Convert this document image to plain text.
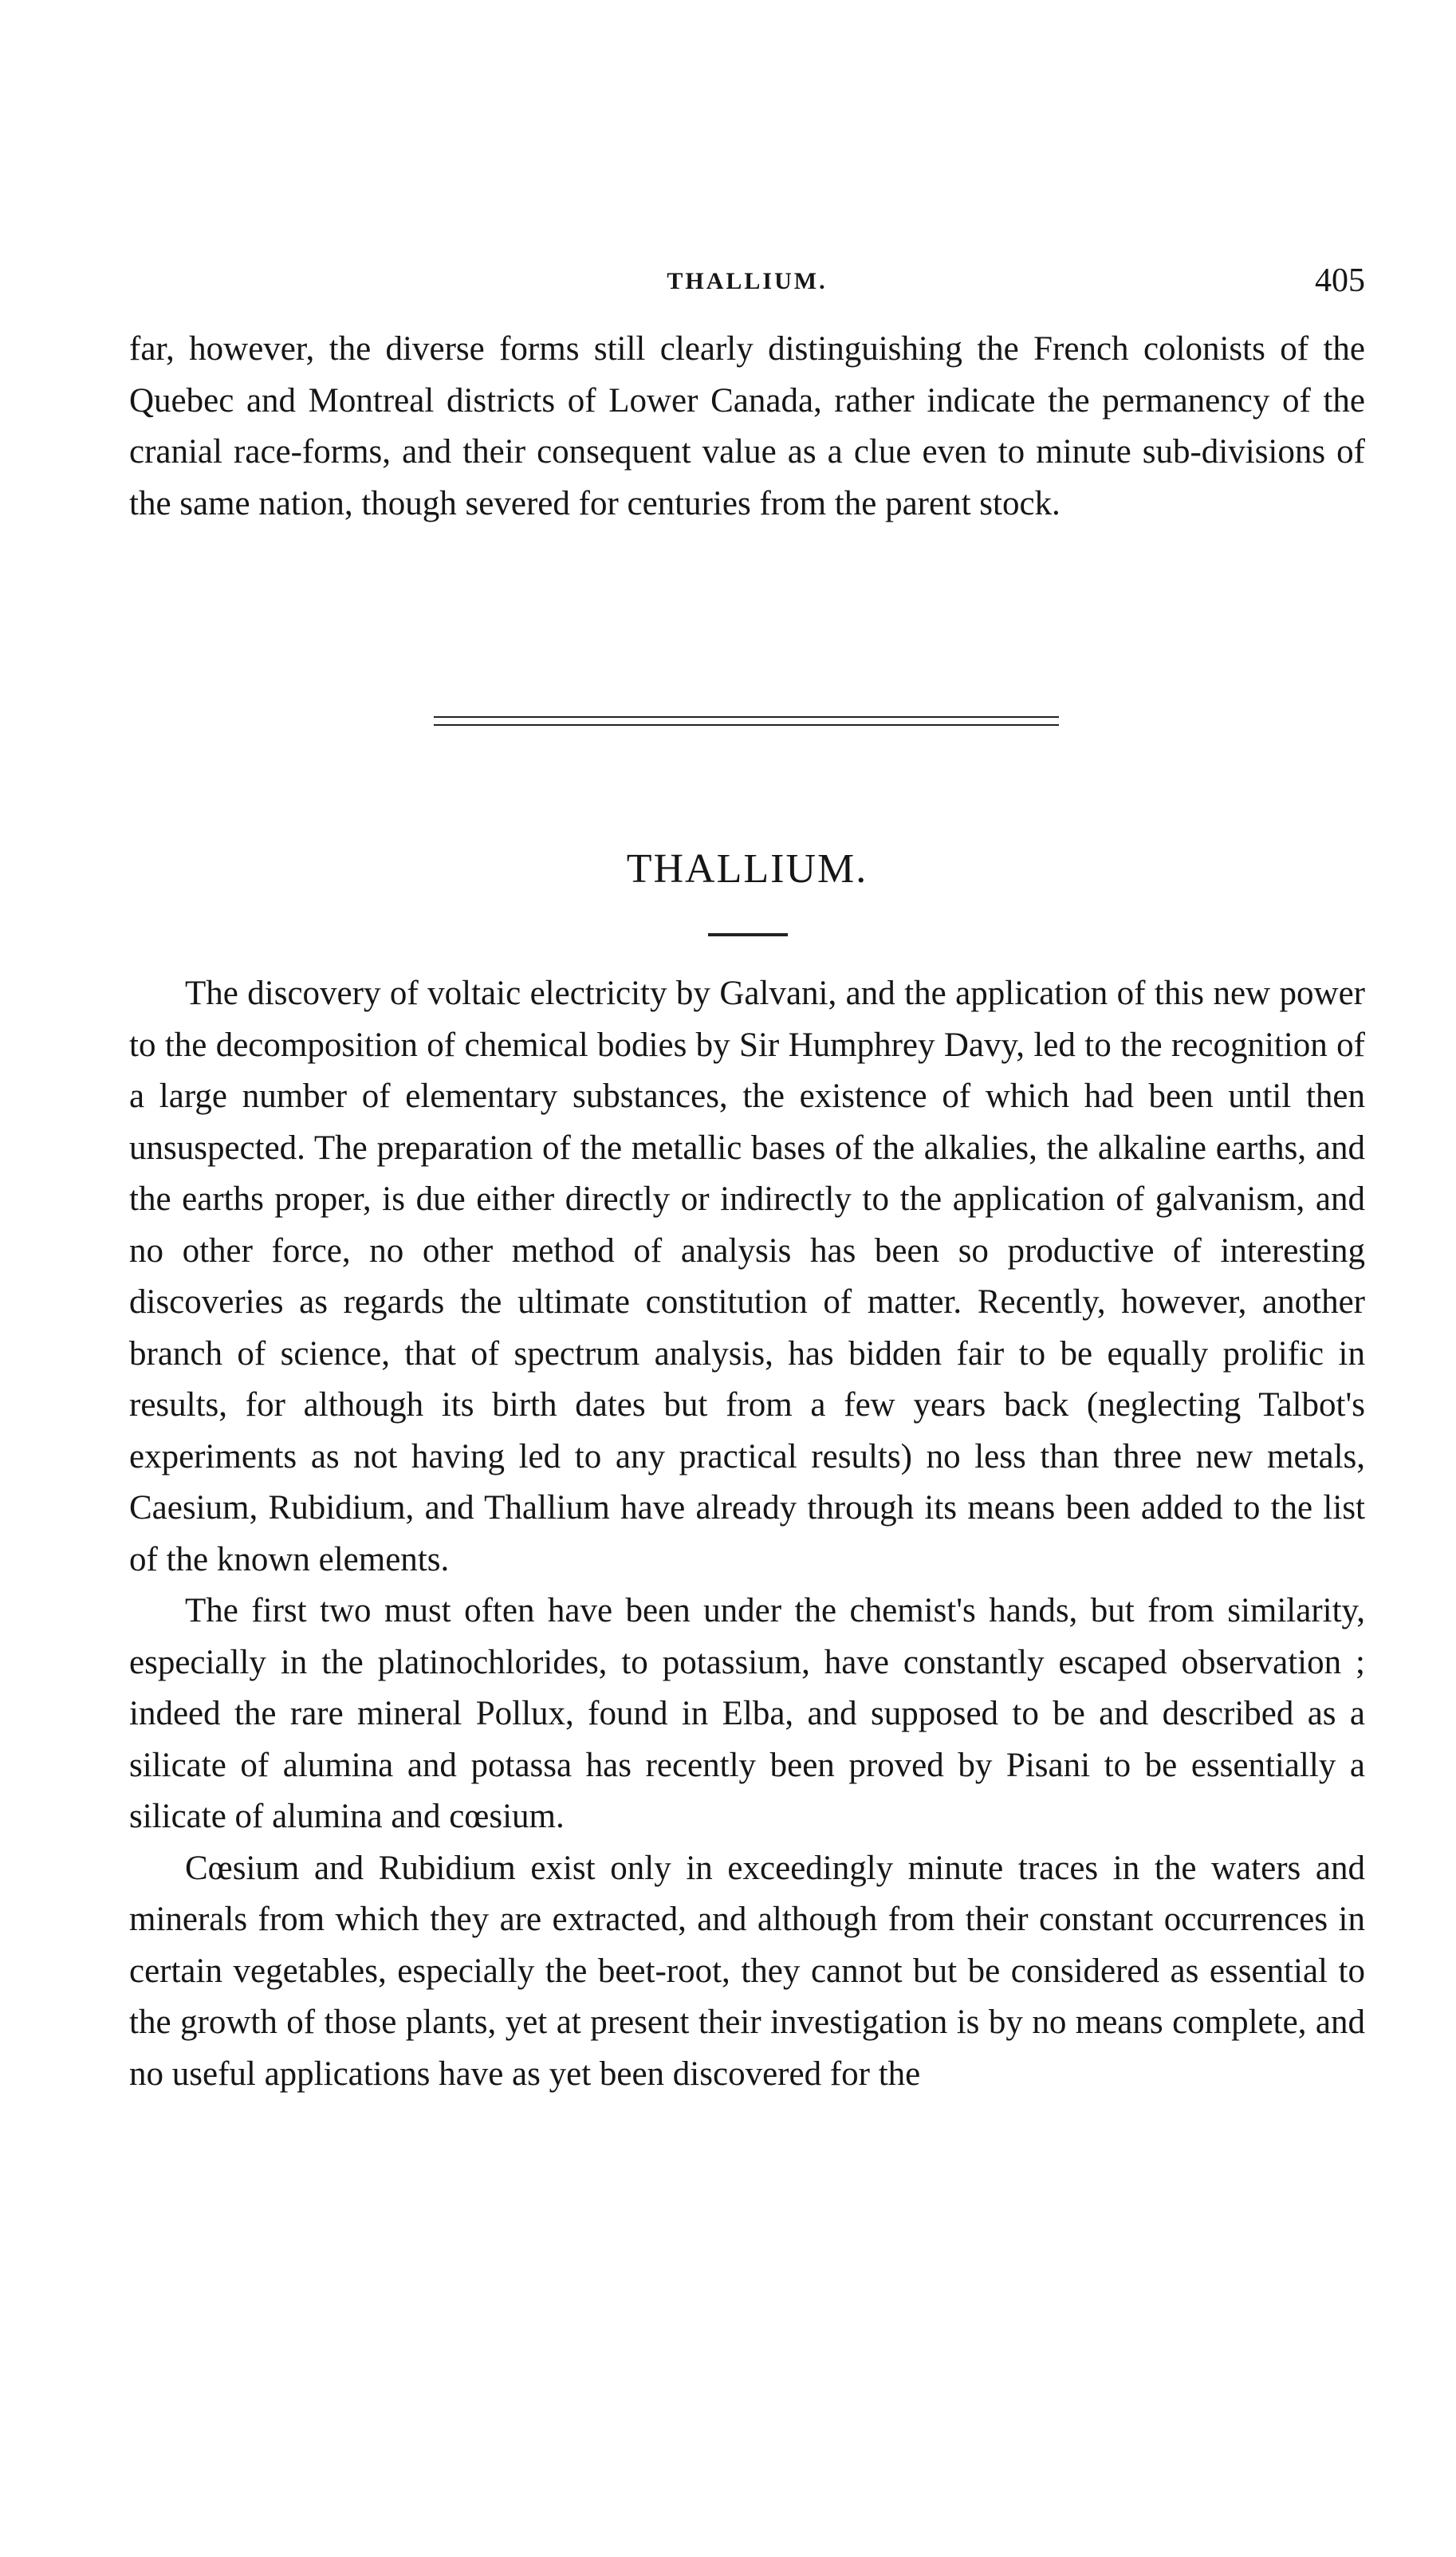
THALLIUM.	405

far, however, the diverse forms still clearly distinguishing the French colonists of the Quebec and Montreal districts of Lower Canada, rather indicate the permanency of the cranial race-forms, and their consequent value as a clue even to minute sub-divisions of the same nation, though severed for centuries from the parent stock.

THALLIUM.

The discovery of voltaic electricity by Galvani, and the application of this new power to the decomposition of chemical bodies by Sir Humphrey Davy, led to the recognition of a large number of elementary substances, the existence of which had been until then unsuspected. The preparation of the metallic bases of the alkalies, the alkaline earths, and the earths proper, is due either directly or indirectly to the application of galvanism, and no other force, no other method of analysis has been so productive of interesting discoveries as regards the ultimate constitution of matter. Recently, however, another branch of science, that of spectrum analysis, has bidden fair to be equally prolific in results, for although its birth dates but from a few years back (neglecting Talbot's experiments as not having led to any practical results) no less than three new metals, Caesium, Rubidium, and Thallium have already through its means been added to the list of the known elements.

The first two must often have been under the chemist's hands, but from similarity, especially in the platinochlorides, to potassium, have constantly escaped observation ; indeed the rare mineral Pollux, found in Elba, and supposed to be and described as a silicate of alumina and potassa has recently been proved by Pisani to be essentially a silicate of alumina and cœsium.

Cœsium and Rubidium exist only in exceedingly minute traces in the waters and minerals from which they are extracted, and although from their constant occurrences in certain vegetables, especially the beet-root, they cannot but be considered as essential to the growth of those plants, yet at present their investigation is by no means complete, and no useful applications have as yet been discovered for the
